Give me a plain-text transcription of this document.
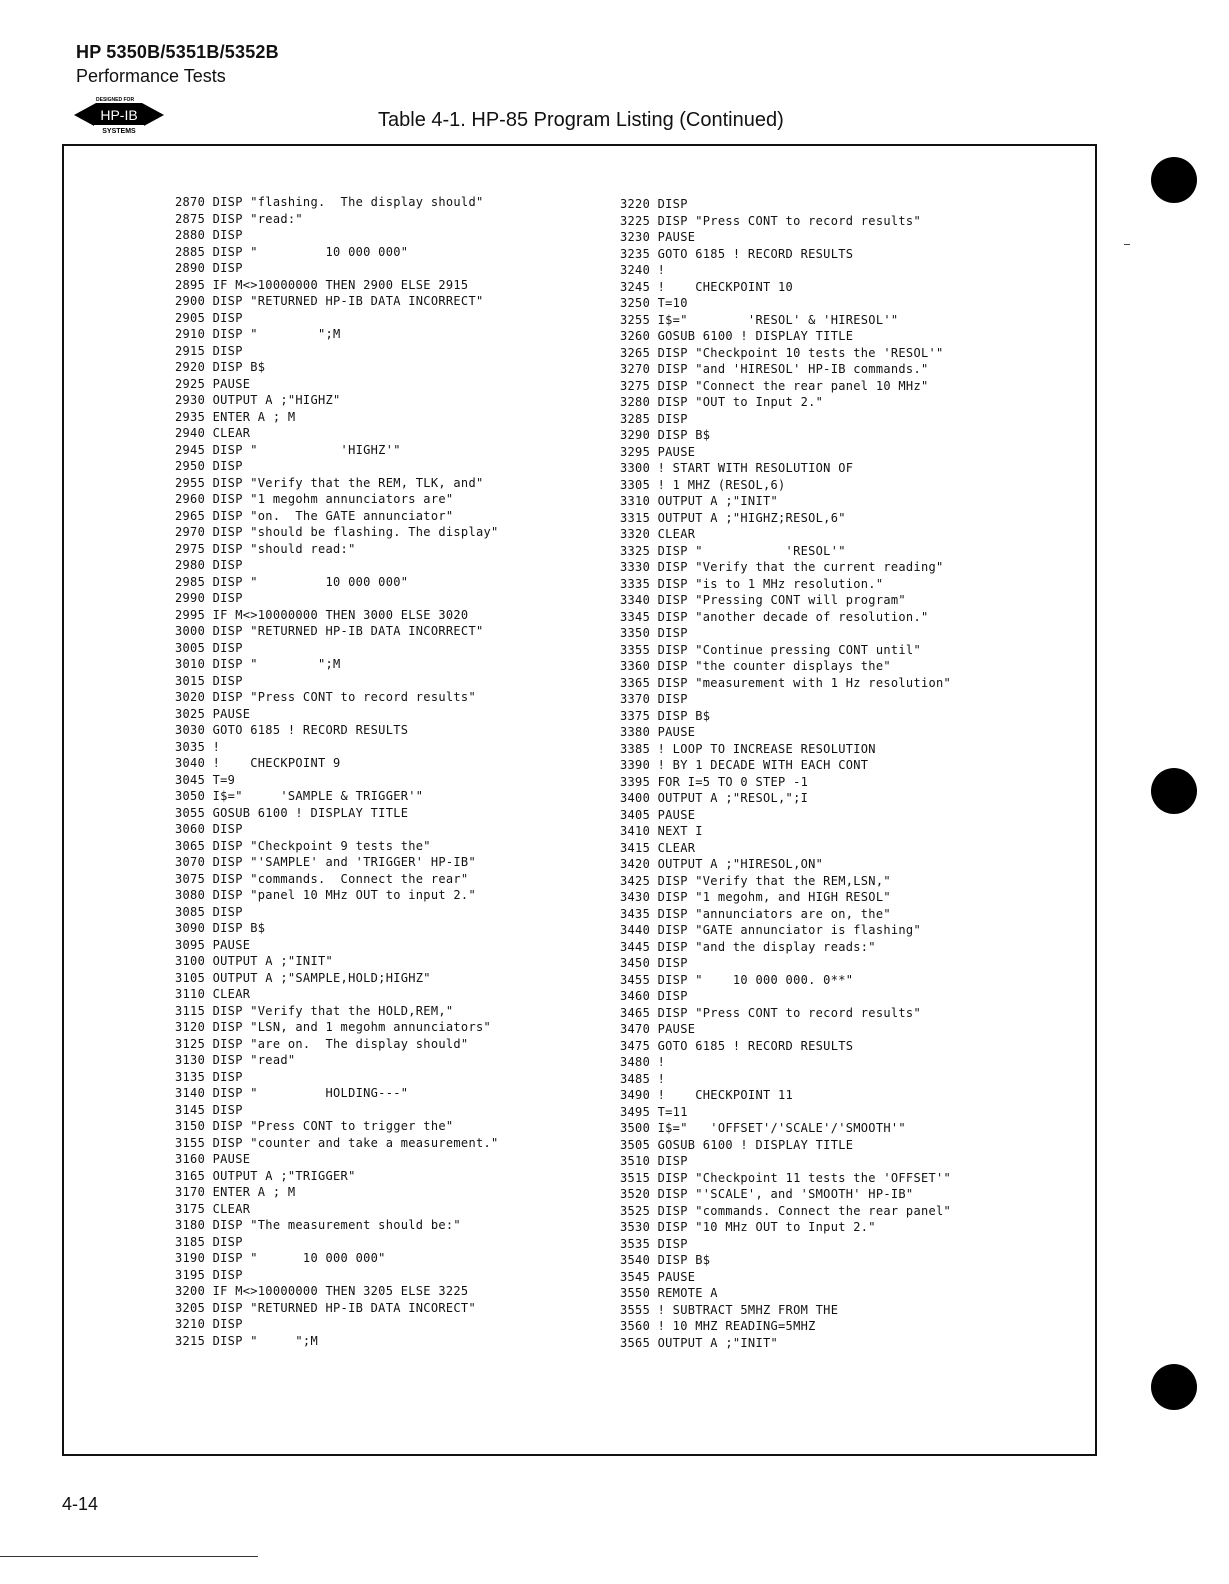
HP 5350B/5351B/5352B
Performance Tests
DESIGNED FOR
HP-IB
SYSTEMS
Table 4-1. HP-85 Program Listing (Continued)
2870 DISP "flashing.  The display should"
2875 DISP "read:"
2880 DISP
2885 DISP "         10 000 000"
2890 DISP
2895 IF M<>10000000 THEN 2900 ELSE 2915
2900 DISP "RETURNED HP-IB DATA INCORRECT"
2905 DISP
2910 DISP "        ";M
2915 DISP
2920 DISP B$
2925 PAUSE
2930 OUTPUT A ;"HIGHZ"
2935 ENTER A ; M
2940 CLEAR
2945 DISP "           'HIGHZ'"
2950 DISP
2955 DISP "Verify that the REM, TLK, and"
2960 DISP "1 megohm annunciators are"
2965 DISP "on.  The GATE annunciator"
2970 DISP "should be flashing. The display"
2975 DISP "should read:"
2980 DISP
2985 DISP "         10 000 000"
2990 DISP
2995 IF M<>10000000 THEN 3000 ELSE 3020
3000 DISP "RETURNED HP-IB DATA INCORRECT"
3005 DISP
3010 DISP "        ";M
3015 DISP
3020 DISP "Press CONT to record results"
3025 PAUSE
3030 GOTO 6185 ! RECORD RESULTS
3035 !
3040 !    CHECKPOINT 9
3045 T=9
3050 I$="     'SAMPLE & TRIGGER'"
3055 GOSUB 6100 ! DISPLAY TITLE
3060 DISP
3065 DISP "Checkpoint 9 tests the"
3070 DISP "'SAMPLE' and 'TRIGGER' HP-IB"
3075 DISP "commands.  Connect the rear"
3080 DISP "panel 10 MHz OUT to input 2."
3085 DISP
3090 DISP B$
3095 PAUSE
3100 OUTPUT A ;"INIT"
3105 OUTPUT A ;"SAMPLE,HOLD;HIGHZ"
3110 CLEAR
3115 DISP "Verify that the HOLD,REM,"
3120 DISP "LSN, and 1 megohm annunciators"
3125 DISP "are on.  The display should"
3130 DISP "read"
3135 DISP
3140 DISP "         HOLDING---"
3145 DISP
3150 DISP "Press CONT to trigger the"
3155 DISP "counter and take a measurement."
3160 PAUSE
3165 OUTPUT A ;"TRIGGER"
3170 ENTER A ; M
3175 CLEAR
3180 DISP "The measurement should be:"
3185 DISP
3190 DISP "      10 000 000"
3195 DISP
3200 IF M<>10000000 THEN 3205 ELSE 3225
3205 DISP "RETURNED HP-IB DATA INCORECT"
3210 DISP
3215 DISP "     ";M
3220 DISP
3225 DISP "Press CONT to record results"
3230 PAUSE
3235 GOTO 6185 ! RECORD RESULTS
3240 !
3245 !    CHECKPOINT 10
3250 T=10
3255 I$="        'RESOL' & 'HIRESOL'"
3260 GOSUB 6100 ! DISPLAY TITLE
3265 DISP "Checkpoint 10 tests the 'RESOL'"
3270 DISP "and 'HIRESOL' HP-IB commands."
3275 DISP "Connect the rear panel 10 MHz"
3280 DISP "OUT to Input 2."
3285 DISP
3290 DISP B$
3295 PAUSE
3300 ! START WITH RESOLUTION OF
3305 ! 1 MHZ (RESOL,6)
3310 OUTPUT A ;"INIT"
3315 OUTPUT A ;"HIGHZ;RESOL,6"
3320 CLEAR
3325 DISP "           'RESOL'"
3330 DISP "Verify that the current reading"
3335 DISP "is to 1 MHz resolution."
3340 DISP "Pressing CONT will program"
3345 DISP "another decade of resolution."
3350 DISP
3355 DISP "Continue pressing CONT until"
3360 DISP "the counter displays the"
3365 DISP "measurement with 1 Hz resolution"
3370 DISP
3375 DISP B$
3380 PAUSE
3385 ! LOOP TO INCREASE RESOLUTION
3390 ! BY 1 DECADE WITH EACH CONT
3395 FOR I=5 TO 0 STEP -1
3400 OUTPUT A ;"RESOL,";I
3405 PAUSE
3410 NEXT I
3415 CLEAR
3420 OUTPUT A ;"HIRESOL,ON"
3425 DISP "Verify that the REM,LSN,"
3430 DISP "1 megohm, and HIGH RESOL"
3435 DISP "annunciators are on, the"
3440 DISP "GATE annunciator is flashing"
3445 DISP "and the display reads:"
3450 DISP
3455 DISP "    10 000 000. 0**"
3460 DISP
3465 DISP "Press CONT to record results"
3470 PAUSE
3475 GOTO 6185 ! RECORD RESULTS
3480 !
3485 !
3490 !    CHECKPOINT 11
3495 T=11
3500 I$="   'OFFSET'/'SCALE'/'SMOOTH'"
3505 GOSUB 6100 ! DISPLAY TITLE
3510 DISP
3515 DISP "Checkpoint 11 tests the 'OFFSET'"
3520 DISP "'SCALE', and 'SMOOTH' HP-IB"
3525 DISP "commands. Connect the rear panel"
3530 DISP "10 MHz OUT to Input 2."
3535 DISP
3540 DISP B$
3545 PAUSE
3550 REMOTE A
3555 ! SUBTRACT 5MHZ FROM THE
3560 ! 10 MHZ READING=5MHZ
3565 OUTPUT A ;"INIT"
4-14
